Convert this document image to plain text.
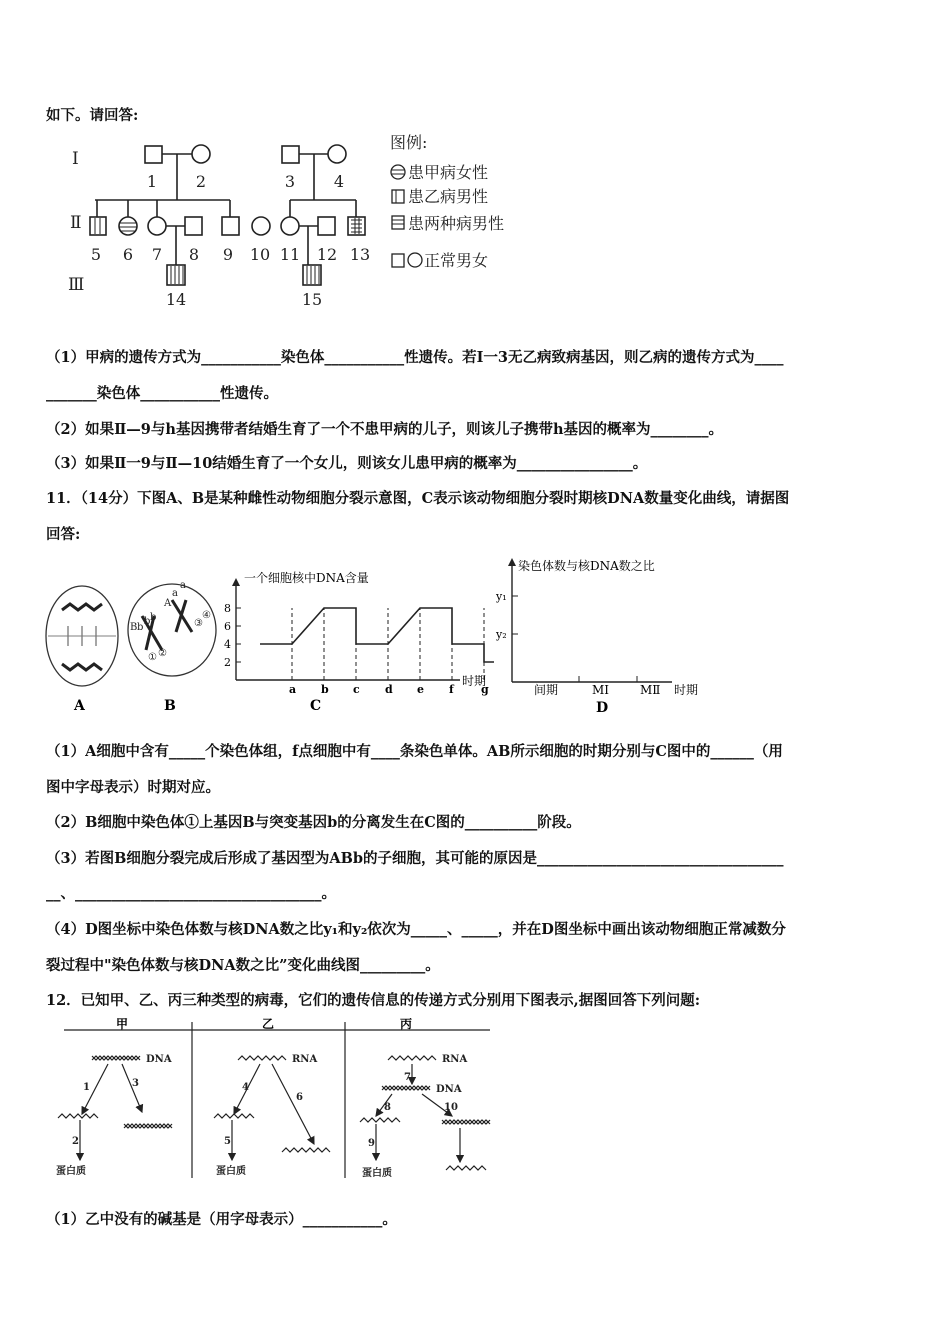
如下。请回答:
Ⅰ
Ⅱ
Ⅲ
1 2	3 4
5 6 7 8 9 10 11 12 13
14	15
图例:
患甲病女性
患乙病男性
患两种病男性
正常男女
（1）甲病的遗传方式为___________染色体___________性遗传。若Ⅰ一3无乙病致病基因，则乙病的遗传方式为____
_______染色体___________性遗传。
（2）如果Ⅱ—9与h基因携带者结婚生育了一个不患甲病的儿子，则该儿子携带h基因的概率为________。
（3）如果Ⅱ一9与Ⅱ—10结婚生育了一个女儿，则该女儿患甲病的概率为________________。
11．（14分）下图A、B是某种雌性动物细胞分裂示意图，C表示该动物细胞分裂时期核DNA数量变化曲线，请据图
回答:
A
B b
b b
A
a
a
① ②
③
④
B
一个细胞核中DNA含量
时期
2
4
6
8
a b c d e f g
C
染色体数与核DNA数之比
y₁
y₂
间期	MⅠ	MⅡ 时期
D
（1）A细胞中含有_____个染色体组，f点细胞中有____条染色单体。AB所示细胞的时期分别与C图中的______（用
图中字母表示）时期对应。
（2）B细胞中染色体①上基因B与突变基因b的分离发生在C图的__________阶段。
（3）若图B细胞分裂完成后形成了基因型为ABb的子细胞，其可能的原因是__________________________________
__、__________________________________。
（4）D图坐标中染色体数与核DNA数之比y₁和y₂依次为_____、_____，并在D图坐标中画出该动物细胞正常减数分
裂过程中"染色体数与核DNA数之比”变化曲线图_________。
12．已知甲、乙、丙三种类型的病毒，它们的遗传信息的传递方式分别用下图表示,据图回答下列问题:
甲	乙	丙
DNA	RNA	RNA
DNA
蛋白质	蛋白质	蛋白质
1
2
3	4
5
6
7
8
9
10
（1）乙中没有的碱基是（用字母表示）___________。
